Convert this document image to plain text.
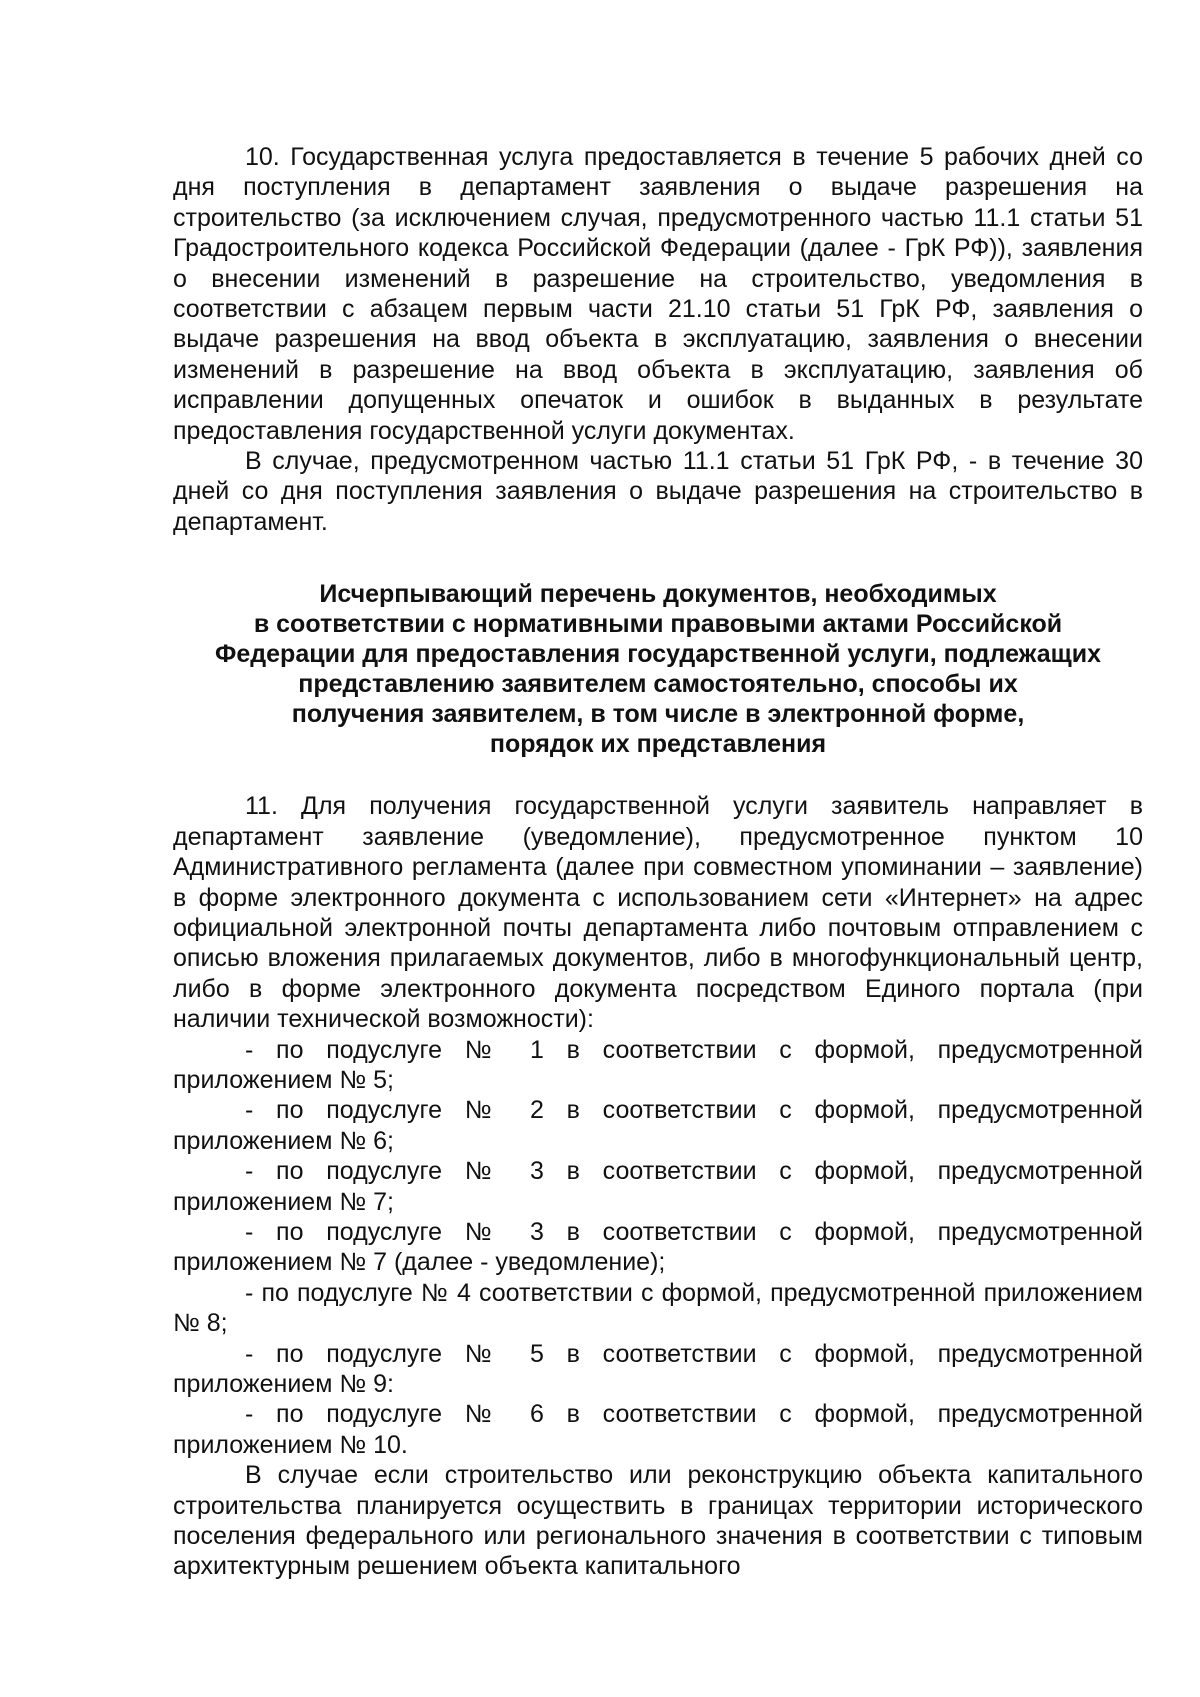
10. Государственная услуга предоставляется в течение 5 рабочих дней со дня поступления в департамент заявления о выдаче разрешения на строительство (за исключением случая, предусмотренного частью 11.1 статьи 51 Градостроительного кодекса Российской Федерации (далее - ГрК РФ)), заявления о внесении изменений в разрешение на строительство, уведомления в соответствии с абзацем первым части 21.10 статьи 51 ГрК РФ, заявления о выдаче разрешения на ввод объекта в эксплуатацию, заявления о внесении изменений в разрешение на ввод объекта в эксплуатацию, заявления об исправлении допущенных опечаток и ошибок в выданных в результате предоставления государственной услуги документах.

В случае, предусмотренном частью 11.1 статьи 51 ГрК РФ, - в течение 30 дней со дня поступления заявления о выдаче разрешения на строительство в департамент.

Исчерпывающий перечень документов, необходимых
в соответствии с нормативными правовыми актами Российской
Федерации для предоставления государственной услуги, подлежащих
представлению заявителем самостоятельно, способы их
получения заявителем, в том числе в электронной форме,
порядок их представления

11. Для получения государственной услуги заявитель направляет в департамент заявление (уведомление), предусмотренное пунктом 10 Административного регламента (далее при совместном упоминании – заявление) в форме электронного документа с использованием сети «Интернет» на адрес официальной электронной почты департамента либо почтовым отправлением с описью вложения прилагаемых документов, либо в многофункциональный центр, либо в форме электронного документа посредством Единого портала (при наличии технической возможности):

- по подуслуге № 1 в соответствии с формой, предусмотренной приложением № 5;

- по подуслуге № 2 в соответствии с формой, предусмотренной приложением № 6;

- по подуслуге № 3 в соответствии с формой, предусмотренной приложением № 7;

- по подуслуге № 3 в соответствии с формой, предусмотренной приложением № 7 (далее - уведомление);

- по подуслуге № 4 соответствии с формой, предусмотренной приложением № 8;

- по подуслуге № 5 в соответствии с формой, предусмотренной приложением № 9:

- по подуслуге № 6 в соответствии с формой, предусмотренной приложением № 10.

В случае если строительство или реконструкцию объекта капитального строительства планируется осуществить в границах территории исторического поселения федерального или регионального значения в соответствии с типовым архитектурным решением объекта капитального
